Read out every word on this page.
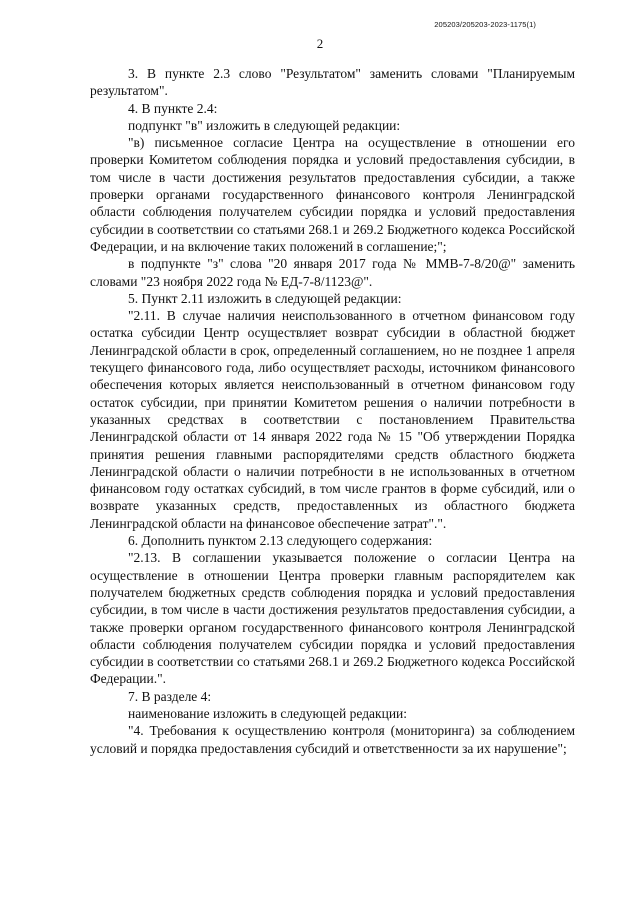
205203/205203-2023-1175(1)
2

3. В пункте 2.3 слово "Результатом" заменить словами "Планируемым результатом".

4. В пункте 2.4:

подпункт "в" изложить в следующей редакции:

"в) письменное согласие Центра на осуществление в отношении его проверки Комитетом соблюдения порядка и условий предоставления субсидии, в том числе в части достижения результатов предоставления субсидии, а также проверки органами государственного финансового контроля Ленинградской области соблюдения получателем субсидии порядка и условий предоставления субсидии в соответствии со статьями 268.1 и 269.2 Бюджетного кодекса Российской Федерации, и на включение таких положений в соглашение;";

в подпункте "з" слова "20 января 2017 года № ММВ-7-8/20@" заменить словами "23 ноября 2022 года № ЕД-7-8/1123@".

5. Пункт 2.11 изложить в следующей редакции:

"2.11. В случае наличия неиспользованного в отчетном финансовом году остатка субсидии Центр осуществляет возврат субсидии в областной бюджет Ленинградской области в срок, определенный соглашением, но не позднее 1 апреля текущего финансового года, либо осуществляет расходы, источником финансового обеспечения которых является неиспользованный в отчетном финансовом году остаток субсидии, при принятии Комитетом решения о наличии потребности в указанных средствах в соответствии с постановлением Правительства Ленинградской области от 14 января 2022 года № 15 "Об утверждении Порядка принятия решения главными распорядителями средств областного бюджета Ленинградской области о наличии потребности в не использованных в отчетном финансовом году остатках субсидий, в том числе грантов в форме субсидий, или о возврате указанных средств, предоставленных из областного бюджета Ленинградской области на финансовое обеспечение затрат".".

6. Дополнить пунктом 2.13 следующего содержания:

"2.13. В соглашении указывается положение о согласии Центра на осуществление в отношении Центра проверки главным распорядителем как получателем бюджетных средств соблюдения порядка и условий предоставления субсидии, в том числе в части достижения результатов предоставления субсидии, а также проверки органом государственного финансового контроля Ленинградской области соблюдения получателем субсидии порядка и условий предоставления субсидии в соответствии со статьями 268.1 и 269.2 Бюджетного кодекса Российской Федерации.".

7. В разделе 4:

наименование изложить в следующей редакции:

"4. Требования к осуществлению контроля (мониторинга) за соблюдением условий и порядка предоставления субсидий и ответственности за их нарушение";
